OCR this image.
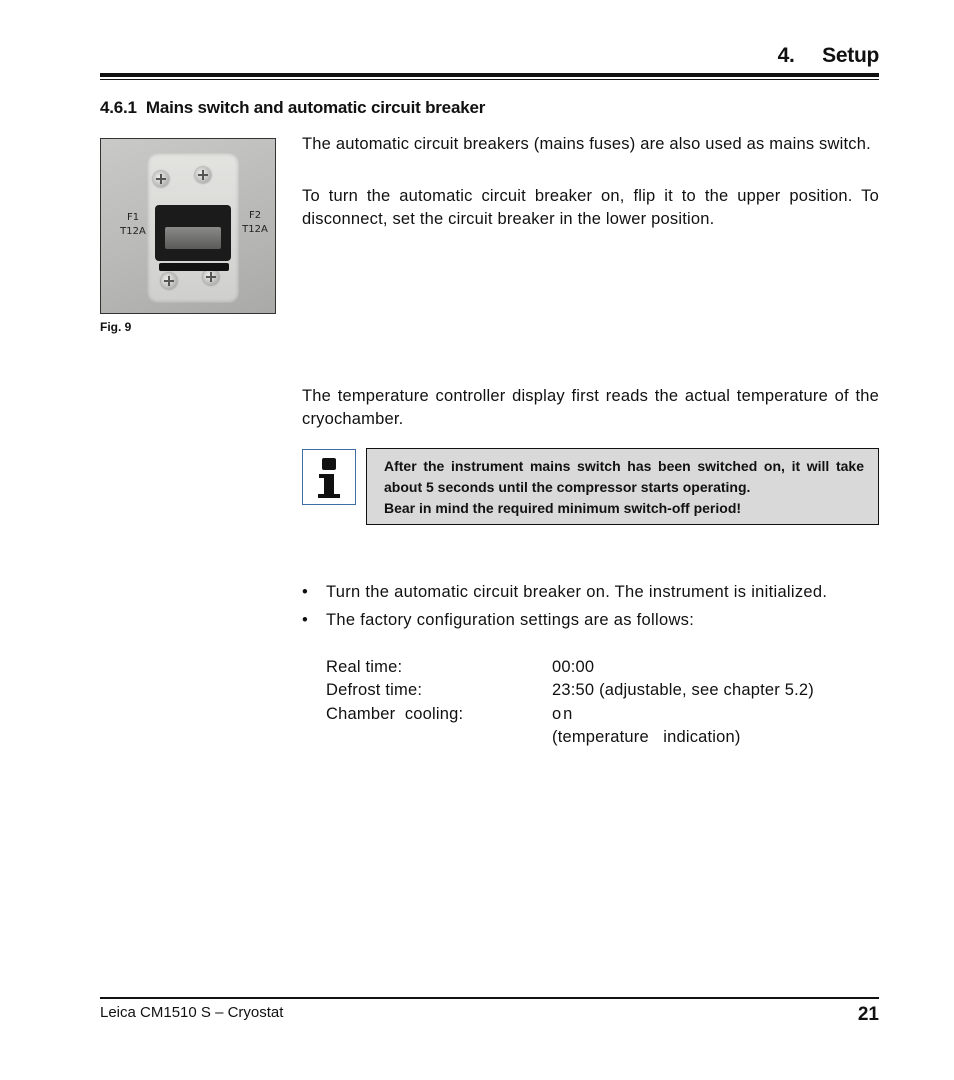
4.     Setup
4.6.1  Mains switch and automatic circuit breaker
F1
T12A
F2
T12A
Fig. 9
The automatic circuit breakers (mains fuses) are also used as mains switch.
To turn the automatic circuit breaker on, flip it to the upper position. To disconnect, set the circuit breaker in the lower position.
The temperature controller display first reads the actual temperature of the cryochamber.
After the instrument mains switch has been switched on, it will take about 5 seconds until the compressor starts operating.
Bear in mind the required minimum switch-off period!
• Turn the automatic circuit breaker on. The instrument is initialized.
• The factory configuration settings are as follows:
Real time:	00:00
Defrost time:	23:50 (adjustable, see chapter 5.2)
Chamber  cooling:	on
(temperature   indication)
Leica CM1510 S – Cryostat	21
